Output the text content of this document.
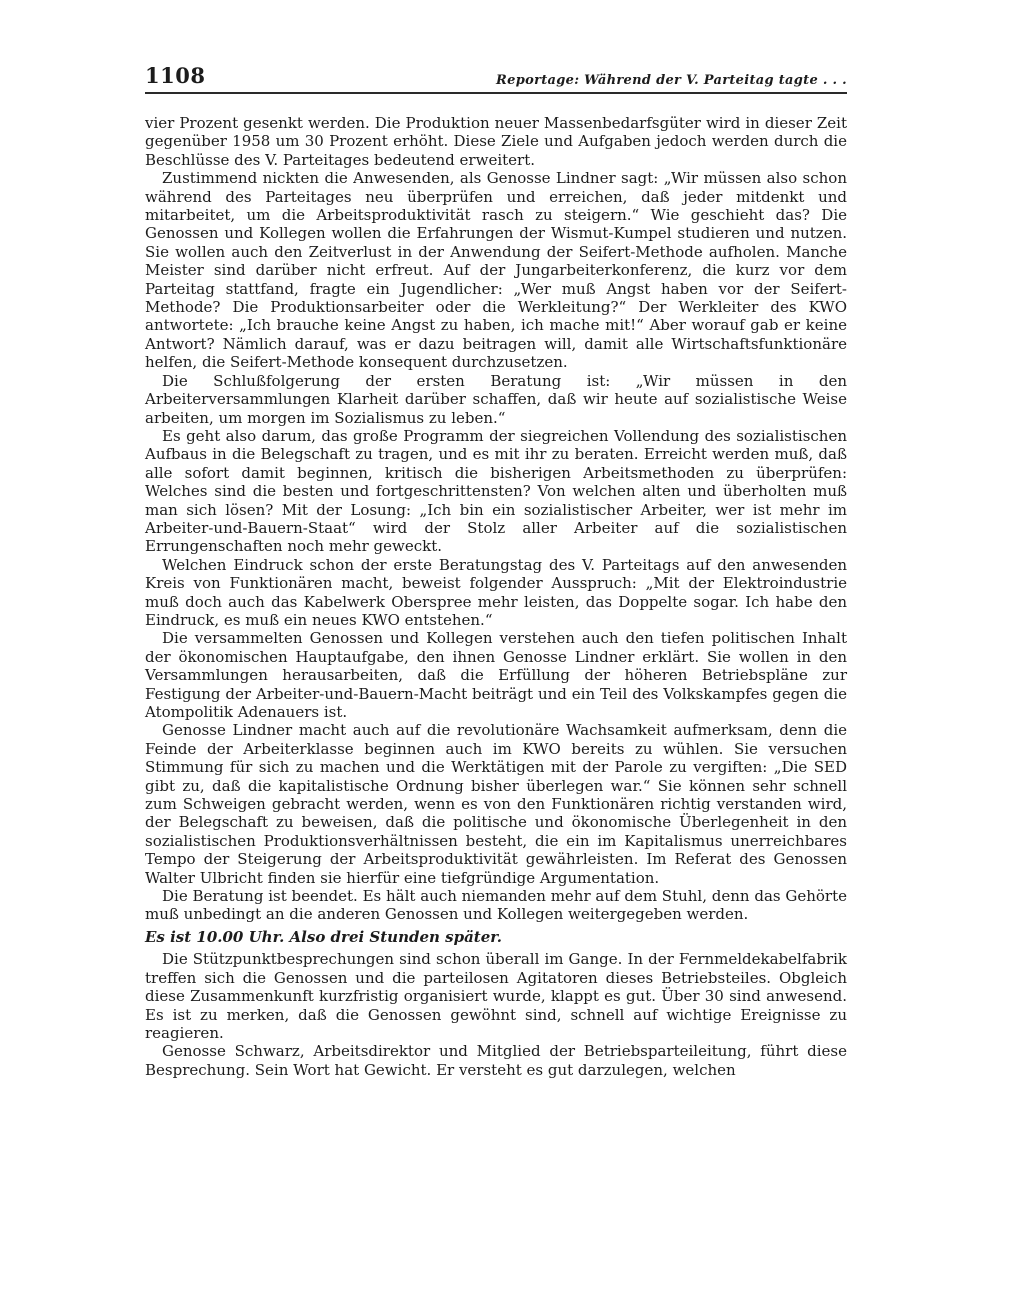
1108	Reportage: Während der V. Parteitag tagte . . .

vier Prozent gesenkt werden. Die Produktion neuer Massenbedarfsgüter wird in dieser Zeit gegenüber 1958 um 30 Prozent erhöht. Diese Ziele und Aufgaben jedoch werden durch die Beschlüsse des V. Parteitages bedeutend erweitert.

Zustimmend nickten die Anwesenden, als Genosse Lindner sagt: „Wir müssen also schon während des Parteitages neu überprüfen und erreichen, daß jeder mitdenkt und mitarbeitet, um die Arbeitsproduktivität rasch zu steigern.“ Wie geschieht das? Die Genossen und Kollegen wollen die Erfahrungen der Wismut-Kumpel studieren und nutzen. Sie wollen auch den Zeitverlust in der Anwendung der Seifert-Methode aufholen. Manche Meister sind darüber nicht erfreut. Auf der Jungarbeiterkonferenz, die kurz vor dem Parteitag stattfand, fragte ein Jugendlicher: „Wer muß Angst haben vor der Seifert-Methode? Die Produktionsarbeiter oder die Werkleitung?“ Der Werkleiter des KWO antwortete: „Ich brauche keine Angst zu haben, ich mache mit!“ Aber worauf gab er keine Antwort? Nämlich darauf, was er dazu beitragen will, damit alle Wirtschaftsfunktionäre helfen, die Seifert-Methode konsequent durchzusetzen.

Die Schlußfolgerung der ersten Beratung ist: „Wir müssen in den Arbeiterversammlungen Klarheit darüber schaffen, daß wir heute auf sozialistische Weise arbeiten, um morgen im Sozialismus zu leben.“

Es geht also darum, das große Programm der siegreichen Vollendung des sozialistischen Aufbaus in die Belegschaft zu tragen, und es mit ihr zu beraten. Erreicht werden muß, daß alle sofort damit beginnen, kritisch die bisherigen Arbeitsmethoden zu überprüfen: Welches sind die besten und fortgeschrittensten? Von welchen alten und überholten muß man sich lösen? Mit der Losung: „Ich bin ein sozialistischer Arbeiter, wer ist mehr im Arbeiter-und-Bauern-Staat“ wird der Stolz aller Arbeiter auf die sozialistischen Errungenschaften noch mehr geweckt.

Welchen Eindruck schon der erste Beratungstag des V. Parteitags auf den anwesenden Kreis von Funktionären macht, beweist folgender Ausspruch: „Mit der Elektroindustrie muß doch auch das Kabelwerk Oberspree mehr leisten, das Doppelte sogar. Ich habe den Eindruck, es muß ein neues KWO entstehen.“

Die versammelten Genossen und Kollegen verstehen auch den tiefen politischen Inhalt der ökonomischen Hauptaufgabe, den ihnen Genosse Lindner erklärt. Sie wollen in den Versammlungen herausarbeiten, daß die Erfüllung der höheren Betriebspläne zur Festigung der Arbeiter-und-Bauern-Macht beiträgt und ein Teil des Volkskampfes gegen die Atompolitik Adenauers ist.

Genosse Lindner macht auch auf die revolutionäre Wachsamkeit aufmerksam, denn die Feinde der Arbeiterklasse beginnen auch im KWO bereits zu wühlen. Sie versuchen Stimmung für sich zu machen und die Werktätigen mit der Parole zu vergiften: „Die SED gibt zu, daß die kapitalistische Ordnung bisher überlegen war.“ Sie können sehr schnell zum Schweigen gebracht werden, wenn es von den Funktionären richtig verstanden wird, der Belegschaft zu beweisen, daß die politische und ökonomische Überlegenheit in den sozialistischen Produktionsverhältnissen besteht, die ein im Kapitalismus unerreichbares Tempo der Steigerung der Arbeitsproduktivität gewährleisten. Im Referat des Genossen Walter Ulbricht finden sie hierfür eine tiefgründige Argumentation.

Die Beratung ist beendet. Es hält auch niemanden mehr auf dem Stuhl, denn das Gehörte muß unbedingt an die anderen Genossen und Kollegen weitergegeben werden.

Es ist 10.00 Uhr. Also drei Stunden später.

Die Stützpunktbesprechungen sind schon überall im Gange. In der Fernmeldekabelfabrik treffen sich die Genossen und die parteilosen Agitatoren dieses Betriebsteiles. Obgleich diese Zusammenkunft kurzfristig organisiert wurde, klappt es gut. Über 30 sind anwesend. Es ist zu merken, daß die Genossen gewöhnt sind, schnell auf wichtige Ereignisse zu reagieren.

Genosse Schwarz, Arbeitsdirektor und Mitglied der Betriebsparteileitung, führt diese Besprechung. Sein Wort hat Gewicht. Er versteht es gut darzulegen, welchen
